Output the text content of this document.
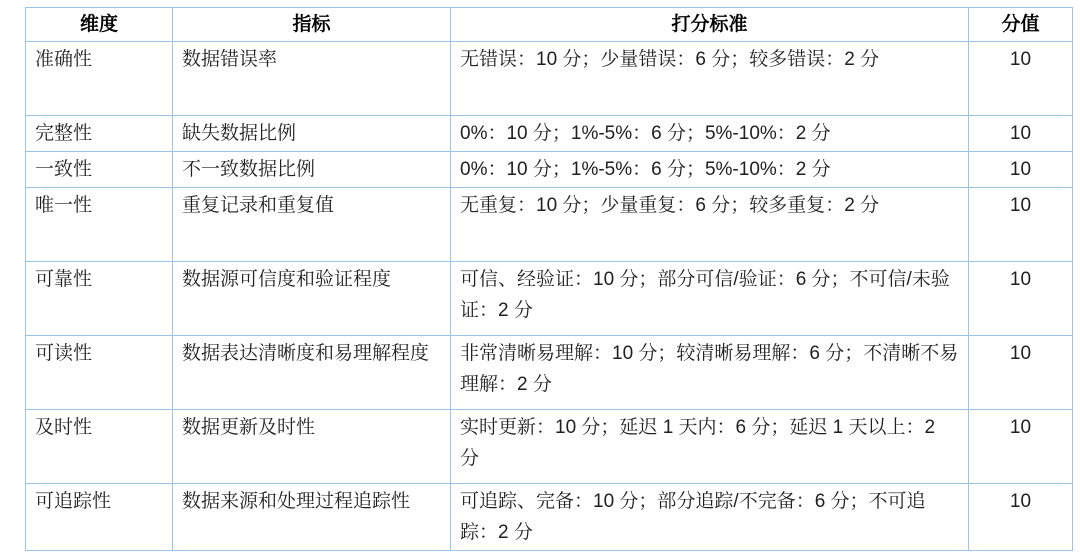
维度	指标	打分标准	分值
准确性	数据错误率	无错误：10 分；少量错误：6 分；较多错误：2 分	10
完整性	缺失数据比例	0%：10 分；1%-5%：6 分；5%-10%：2 分	10
一致性	不一致数据比例	0%：10 分；1%-5%：6 分；5%-10%：2 分	10
唯一性	重复记录和重复值	无重复：10 分；少量重复：6 分；较多重复：2 分	10
可靠性	数据源可信度和验证程度	可信、经验证：10 分；部分可信/验证：6 分；不可信/未验证：2 分	10
可读性	数据表达清晰度和易理解程度	非常清晰易理解：10 分；较清晰易理解：6 分；不清晰不易理解：2 分	10
及时性	数据更新及时性	实时更新：10 分；延迟 1 天内：6 分；延迟 1 天以上：2 分	10
可追踪性	数据来源和处理过程追踪性	可追踪、完备：10 分；部分追踪/不完备：6 分；不可追踪：2 分	10
